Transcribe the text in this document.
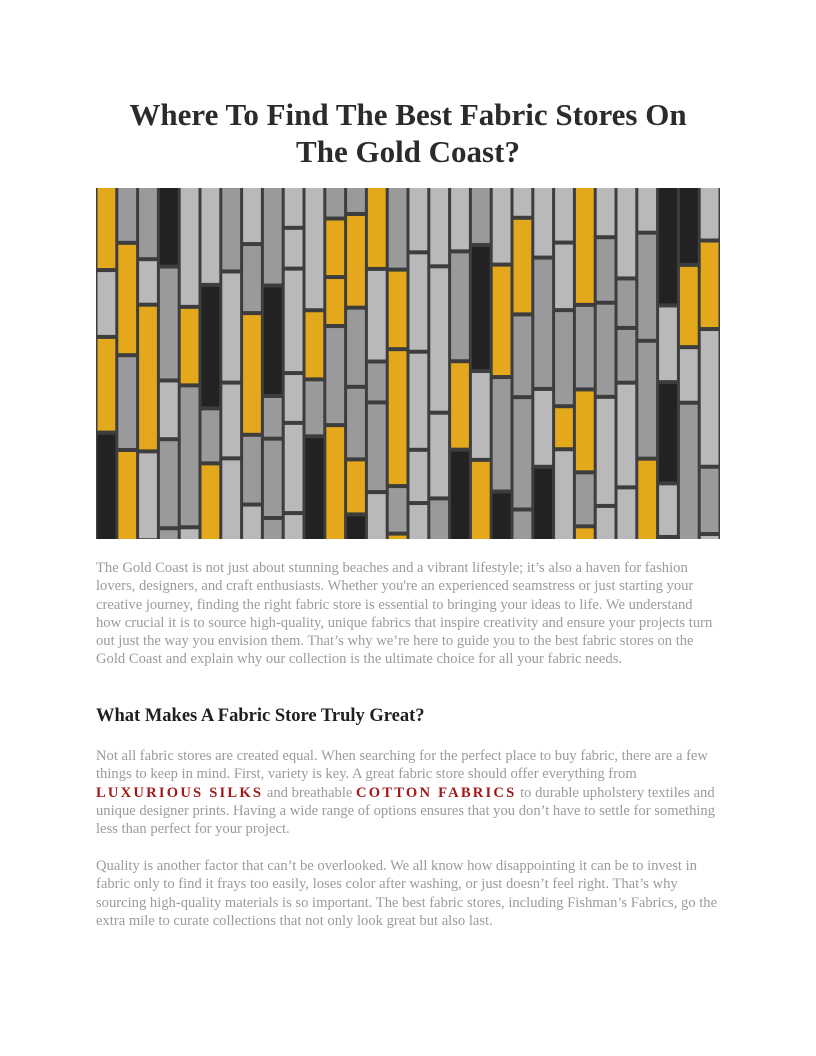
Where To Find The Best Fabric Stores On
The Gold Coast?

The Gold Coast is not just about stunning beaches and a vibrant lifestyle; it’s also a haven for fashion lovers, designers, and craft enthusiasts. Whether you're an experienced seamstress or just starting your creative journey, finding the right fabric store is essential to bringing your ideas to life. We understand how crucial it is to source high-quality, unique fabrics that inspire creativity and ensure your projects turn out just the way you envision them. That’s why we’re here to guide you to the best fabric stores on the Gold Coast and explain why our collection is the ultimate choice for all your fabric needs.

What Makes A Fabric Store Truly Great?

Not all fabric stores are created equal. When searching for the perfect place to buy fabric, there are a few things to keep in mind. First, variety is key. A great fabric store should offer everything from LUXURIOUS SILKS and breathable COTTON FABRICS to durable upholstery textiles and unique designer prints. Having a wide range of options ensures that you don’t have to settle for something less than perfect for your project.

Quality is another factor that can’t be overlooked. We all know how disappointing it can be to invest in fabric only to find it frays too easily, loses color after washing, or just doesn’t feel right. That’s why sourcing high-quality materials is so important. The best fabric stores, including Fishman’s Fabrics, go the extra mile to curate collections that not only look great but also last.
